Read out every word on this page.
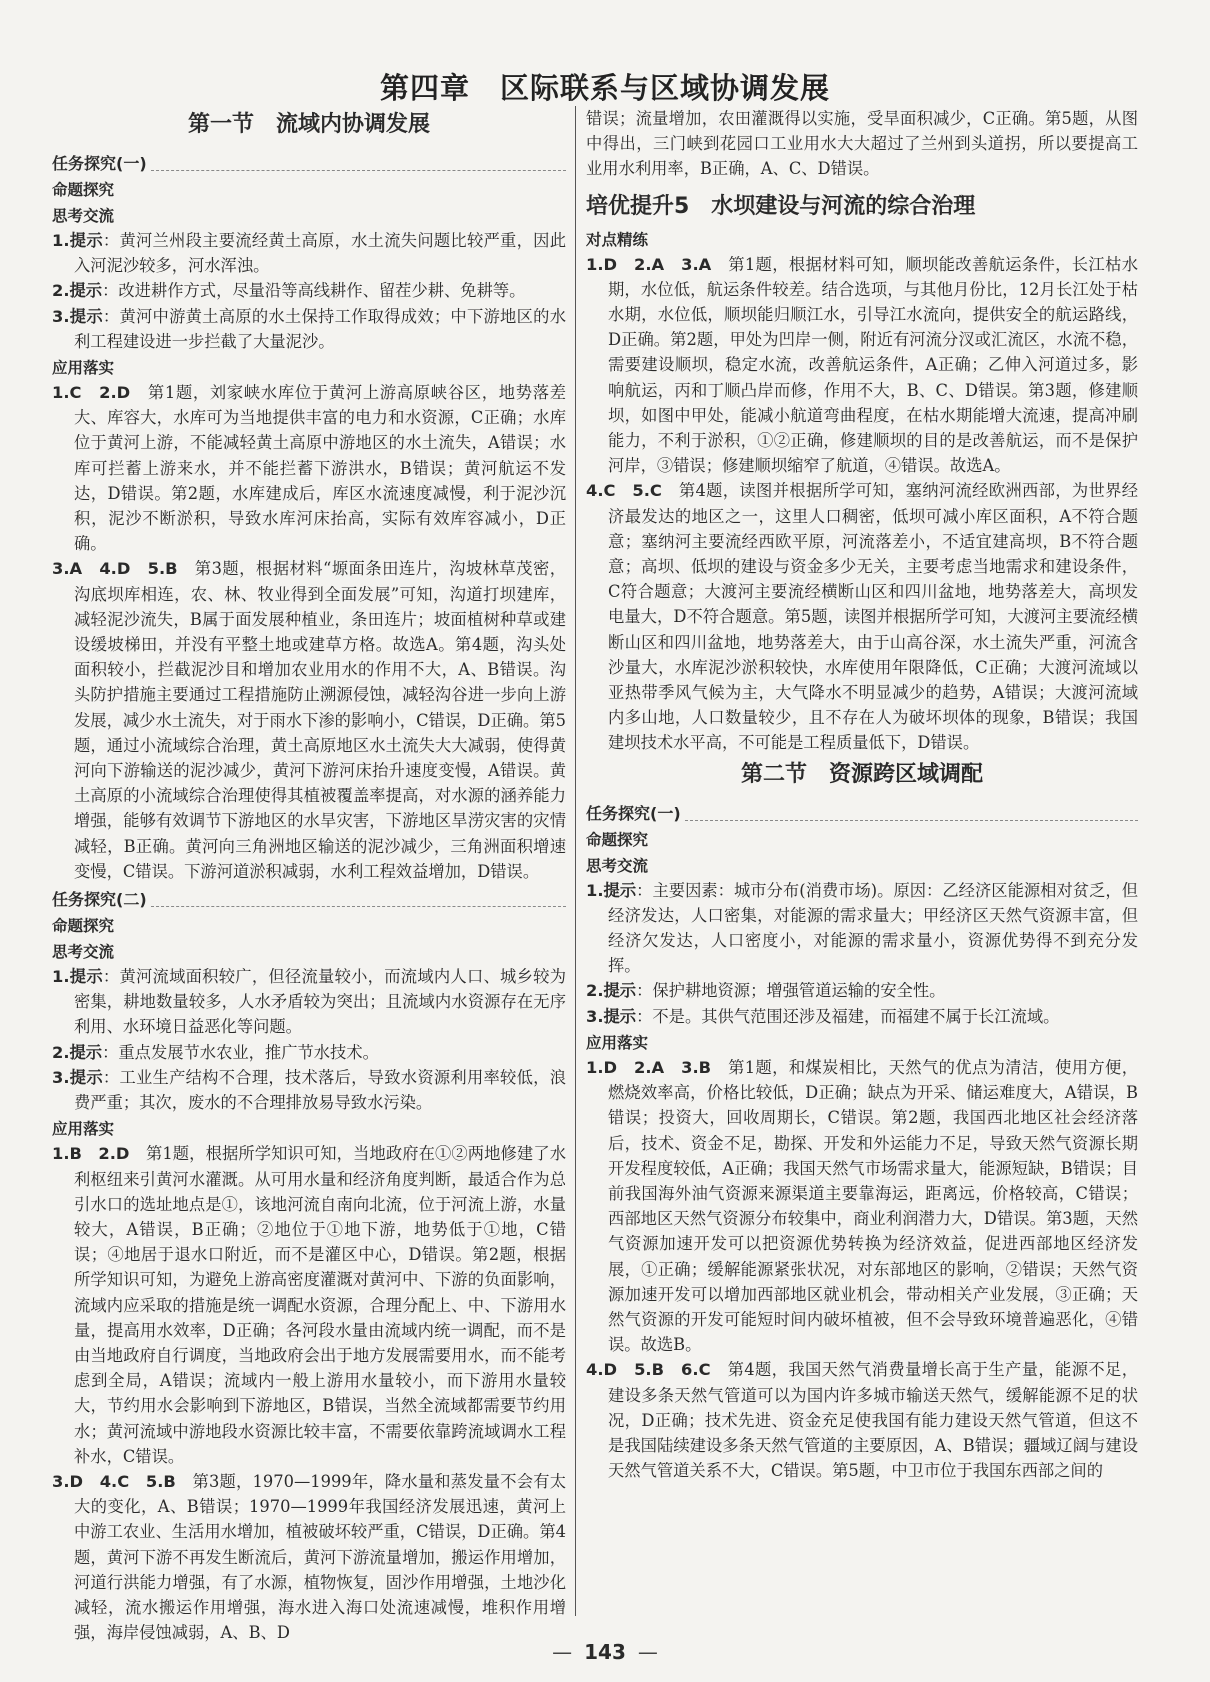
第四章　区际联系与区域协调发展
第一节　流域内协调发展
任务探究(一)
命题探究
思考交流

1.提示：黄河兰州段主要流经黄土高原，水土流失问题比较严重，因此入河泥沙较多，河水浑浊。

2.提示：改进耕作方式，尽量沿等高线耕作、留茬少耕、免耕等。

3.提示：黄河中游黄土高原的水土保持工作取得成效；中下游地区的水利工程建设进一步拦截了大量泥沙。

应用落实

1.C　2.D　第1题，刘家峡水库位于黄河上游高原峡谷区，地势落差大、库容大，水库可为当地提供丰富的电力和水资源，C正确；水库位于黄河上游，不能减轻黄土高原中游地区的水土流失，A错误；水库可拦蓄上游来水，并不能拦蓄下游洪水，B错误；黄河航运不发达，D错误。第2题，水库建成后，库区水流速度减慢，利于泥沙沉积，泥沙不断淤积，导致水库河床抬高，实际有效库容减小，D正确。

3.A　4.D　5.B　第3题，根据材料“塬面条田连片，沟坡林草茂密，沟底坝库相连，农、林、牧业得到全面发展”可知，沟道打坝建库，减轻泥沙流失，B属于面发展种植业，条田连片；坡面植树种草或建设缓坡梯田，并没有平整土地或建草方格。故选A。第4题，沟头处面积较小，拦截泥沙目和增加农业用水的作用不大，A、B错误。沟头防护措施主要通过工程措施防止溯源侵蚀，减轻沟谷进一步向上游发展，减少水土流失，对于雨水下渗的影响小，C错误，D正确。第5题，通过小流域综合治理，黄土高原地区水土流失大大减弱，使得黄河向下游输送的泥沙减少，黄河下游河床抬升速度变慢，A错误。黄土高原的小流域综合治理使得其植被覆盖率提高，对水源的涵养能力增强，能够有效调节下游地区的水旱灾害，下游地区旱涝灾害的灾情减轻，B正确。黄河向三角洲地区输送的泥沙减少，三角洲面积增速变慢，C错误。下游河道淤积减弱，水利工程效益增加，D错误。

任务探究(二)
命题探究
思考交流

1.提示：黄河流域面积较广，但径流量较小，而流域内人口、城乡较为密集，耕地数量较多，人水矛盾较为突出；且流域内水资源存在无序利用、水环境日益恶化等问题。

2.提示：重点发展节水农业，推广节水技术。

3.提示：工业生产结构不合理，技术落后，导致水资源利用率较低，浪费严重；其次，废水的不合理排放易导致水污染。

应用落实

1.B　2.D　第1题，根据所学知识可知，当地政府在①②两地修建了水利枢纽来引黄河水灌溉。从可用水量和经济角度判断，最适合作为总引水口的选址地点是①，该地河流自南向北流，位于河流上游，水量较大，A错误，B正确；②地位于①地下游，地势低于①地，C错误；④地居于退水口附近，而不是灌区中心，D错误。第2题，根据所学知识可知，为避免上游高密度灌溉对黄河中、下游的负面影响，流域内应采取的措施是统一调配水资源，合理分配上、中、下游用水量，提高用水效率，D正确；各河段水量由流域内统一调配，而不是由当地政府自行调度，当地政府会出于地方发展需要用水，而不能考虑到全局，A错误；流域内一般上游用水量较小，而下游用水量较大，节约用水会影响到下游地区，B错误，当然全流域都需要节约用水；黄河流域中游地段水资源比较丰富，不需要依靠跨流域调水工程补水，C错误。

3.D　4.C　5.B　第3题，1970—1999年，降水量和蒸发量不会有太大的变化，A、B错误；1970—1999年我国经济发展迅速，黄河上中游工农业、生活用水增加，植被破坏较严重，C错误，D正确。第4题，黄河下游不再发生断流后，黄河下游流量增加，搬运作用增加，河道行洪能力增强，有了水源，植物恢复，固沙作用增强，土地沙化减轻，流水搬运作用增强，海水进入海口处流速减慢，堆积作用增强，海岸侵蚀减弱，A、B、D

错误；流量增加，农田灌溉得以实施，受旱面积减少，C正确。第5题，从图中得出，三门峡到花园口工业用水大大超过了兰州到头道拐，所以要提高工业用水利用率，B正确，A、C、D错误。

培优提升5　水坝建设与河流的综合治理
对点精练

1.D　2.A　3.A　第1题，根据材料可知，顺坝能改善航运条件，长江枯水期，水位低，航运条件较差。结合选项，与其他月份比，12月长江处于枯水期，水位低，顺坝能归顺江水，引导江水流向，提供安全的航运路线，D正确。第2题，甲处为凹岸一侧，附近有河流分汊或汇流区，水流不稳，需要建设顺坝，稳定水流，改善航运条件，A正确；乙伸入河道过多，影响航运，丙和丁顺凸岸而修，作用不大，B、C、D错误。第3题，修建顺坝，如图中甲处，能减小航道弯曲程度，在枯水期能增大流速，提高冲刷能力，不利于淤积，①②正确，修建顺坝的目的是改善航运，而不是保护河岸，③错误；修建顺坝缩窄了航道，④错误。故选A。

4.C　5.C　第4题，读图并根据所学可知，塞纳河流经欧洲西部，为世界经济最发达的地区之一，这里人口稠密，低坝可减小库区面积，A不符合题意；塞纳河主要流经西欧平原，河流落差小，不适宜建高坝，B不符合题意；高坝、低坝的建设与资金多少无关，主要考虑当地需求和建设条件，C符合题意；大渡河主要流经横断山区和四川盆地，地势落差大，高坝发电量大，D不符合题意。第5题，读图并根据所学可知，大渡河主要流经横断山区和四川盆地，地势落差大，由于山高谷深，水土流失严重，河流含沙量大，水库泥沙淤积较快，水库使用年限降低，C正确；大渡河流域以亚热带季风气候为主，大气降水不明显减少的趋势，A错误；大渡河流域内多山地，人口数量较少，且不存在人为破坏坝体的现象，B错误；我国建坝技术水平高，不可能是工程质量低下，D错误。

第二节　资源跨区域调配
任务探究(一)
命题探究
思考交流

1.提示：主要因素：城市分布(消费市场)。原因：乙经济区能源相对贫乏，但经济发达，人口密集，对能源的需求量大；甲经济区天然气资源丰富，但经济欠发达，人口密度小，对能源的需求量小，资源优势得不到充分发挥。

2.提示：保护耕地资源；增强管道运输的安全性。

3.提示：不是。其供气范围还涉及福建，而福建不属于长江流域。

应用落实

1.D　2.A　3.B　第1题，和煤炭相比，天然气的优点为清洁，使用方便，燃烧效率高，价格比较低，D正确；缺点为开采、储运难度大，A错误，B错误；投资大，回收周期长，C错误。第2题，我国西北地区社会经济落后，技术、资金不足，勘探、开发和外运能力不足，导致天然气资源长期开发程度较低，A正确；我国天然气市场需求量大，能源短缺，B错误；目前我国海外油气资源来源渠道主要靠海运，距离远，价格较高，C错误；西部地区天然气资源分布较集中，商业利润潜力大，D错误。第3题，天然气资源加速开发可以把资源优势转换为经济效益，促进西部地区经济发展，①正确；缓解能源紧张状况，对东部地区的影响，②错误；天然气资源加速开发可以增加西部地区就业机会，带动相关产业发展，③正确；天然气资源的开发可能短时间内破坏植被，但不会导致环境普遍恶化，④错误。故选B。

4.D　5.B　6.C　第4题，我国天然气消费量增长高于生产量，能源不足，建设多条天然气管道可以为国内许多城市输送天然气，缓解能源不足的状况，D正确；技术先进、资金充足使我国有能力建设天然气管道，但这不是我国陆续建设多条天然气管道的主要原因，A、B错误；疆域辽阔与建设天然气管道关系不大，C错误。第5题，中卫市位于我国东西部之间的

— 143 —
